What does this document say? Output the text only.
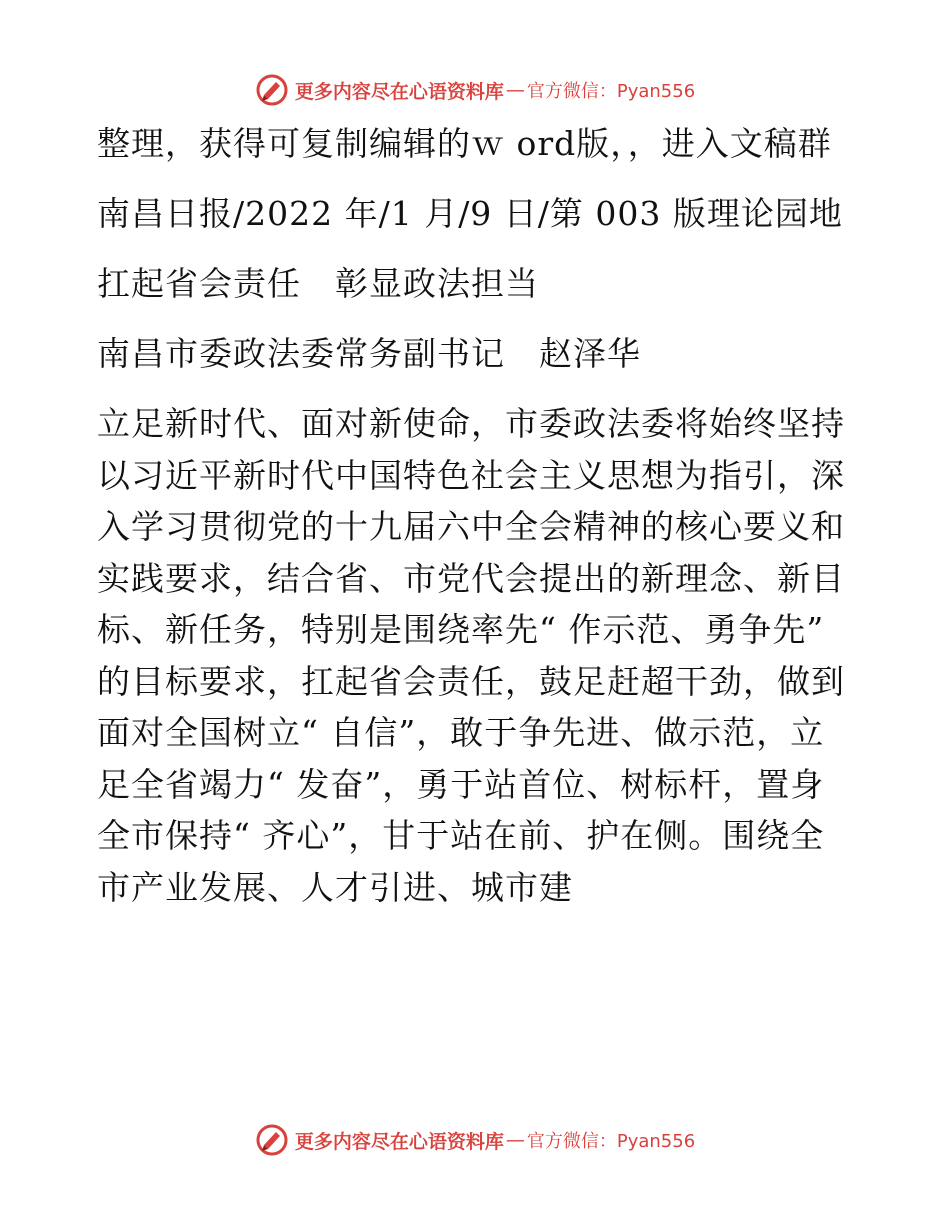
更多内容尽在心语资料库 — 官方微信：Pyan556

整理，获得可复制编辑的ｗ ord版，，进入文稿群

南昌日报/2022 年/1 月/9 日/第 003 版理论园地

扛起省会责任　彰显政法担当

南昌市委政法委常务副书记　赵泽华

立足新时代、面对新使命，市委政法委将始终坚持以习近平新时代中国特色社会主义思想为指引，深入学习贯彻党的十九届六中全会精神的核心要义和实践要求，结合省、市党代会提出的新理念、新目标、新任务，特别是围绕率先“ 作示范、勇争先” 的目标要求，扛起省会责任，鼓足赶超干劲，做到面对全国树立“ 自信”，敢于争先进、做示范，立足全省竭力“ 发奋”，勇于站首位、树标杆，置身全市保持“ 齐心”，甘于站在前、护在侧。围绕全市产业发展、人才引进、城市建

更多内容尽在心语资料库 — 官方微信：Pyan556
